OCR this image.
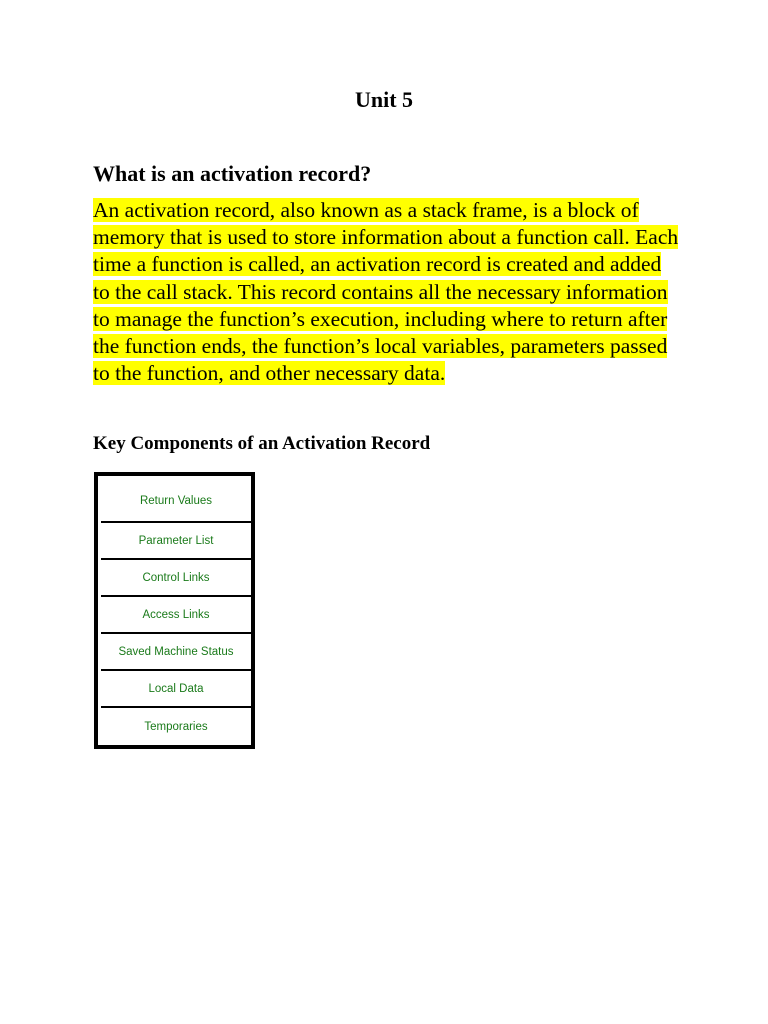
Unit 5
What is an activation record?
An activation record, also known as a stack frame, is a block of memory that is used to store information about a function call. Each time a function is called, an activation record is created and added to the call stack. This record contains all the necessary information to manage the function’s execution, including where to return after the function ends, the function’s local variables, parameters passed to the function, and other necessary data.
Key Components of an Activation Record
Return Values
Parameter List
Control Links
Access Links
Saved Machine Status
Local Data
Temporaries
